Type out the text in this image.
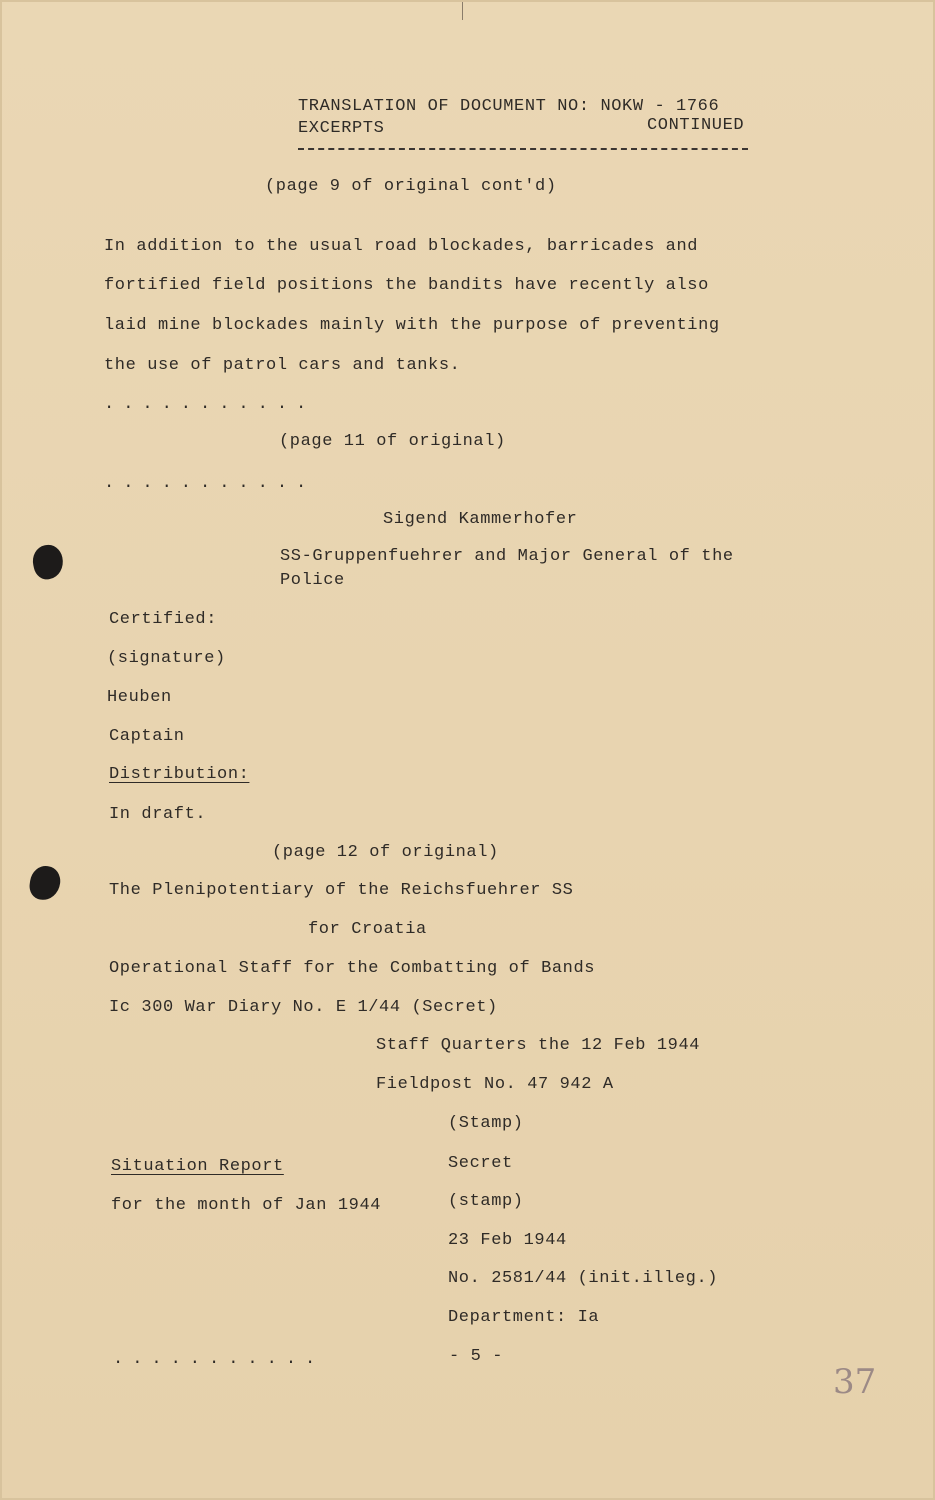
TRANSLATION OF DOCUMENT NO: NOKW - 1766
EXCERPTS	CONTINUED
(page 9 of original cont'd)
In addition to the usual road blockades, barricades and
fortified field positions the bandits have recently also
laid mine blockades mainly with the purpose of preventing
the use of patrol cars and tanks.
...........
(page 11 of original)
...........
Sigend Kammerhofer
SS-Gruppenfuehrer and Major General of the
Police
Certified:
(signature)
Heuben
Captain
Distribution:
In draft.
(page 12 of original)
The Plenipotentiary of the Reichsfuehrer SS
for Croatia
Operational Staff for the Combatting of Bands
Ic 300 War Diary No. E 1/44 (Secret)
Staff Quarters the 12 Feb 1944
Fieldpost No. 47 942 A
(Stamp)
Situation Report	Secret
for the month of Jan 1944	(stamp)
23 Feb 1944
No. 2581/44 (init.illeg.)
Department: Ia
...........	- 5 -
37
